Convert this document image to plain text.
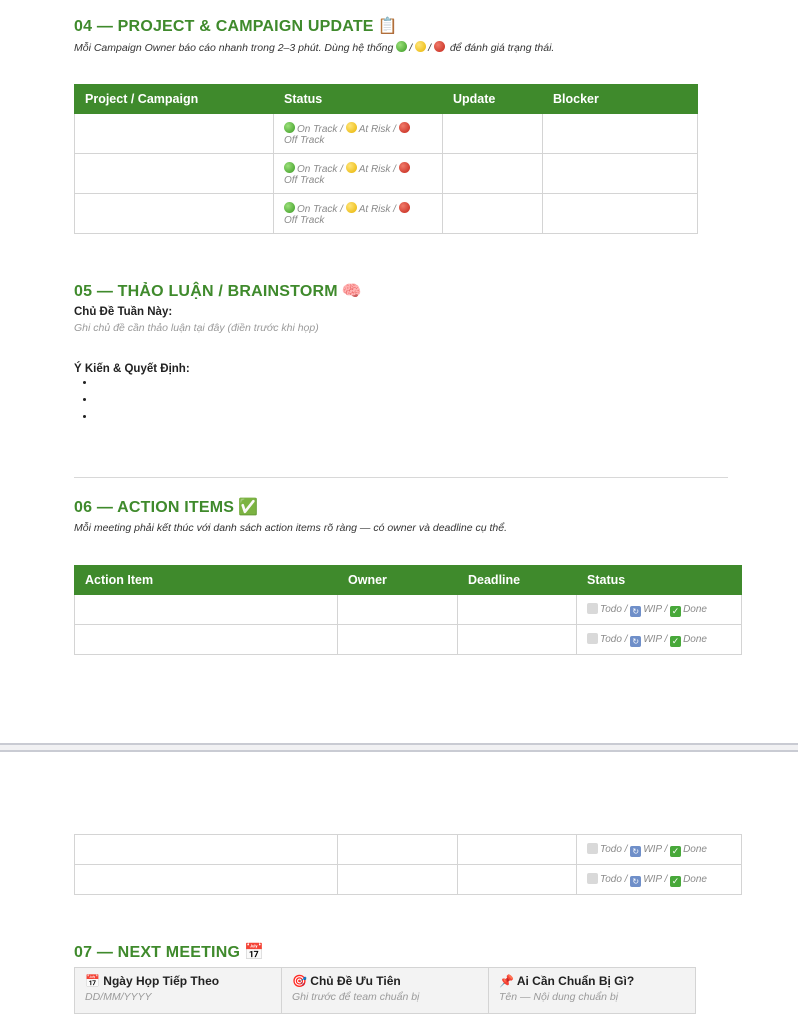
04 — PROJECT & CAMPAIGN UPDATE 📋
Mỗi Campaign Owner báo cáo nhanh trong 2–3 phút. Dùng hệ thống / /  để đánh giá trạng thái.
Project / Campaign	Status	Update	Blocker
	On Track / At Risk /
Off Track		
	On Track / At Risk /
Off Track		
	On Track / At Risk /
Off Track		
05 — THẢO LUẬN / BRAINSTORM 🧠
Chủ Đề Tuần Này:
Ghi chủ đề cần thảo luận tại đây (điền trước khi họp)
Ý Kiến & Quyết Định:
06 — ACTION ITEMS ✅
Mỗi meeting phải kết thúc với danh sách action items rõ ràng — có owner và deadline cụ thể.
Action Item	Owner	Deadline	Status
			Todo / ↻ WIP / ✓ Done
			Todo / ↻ WIP / ✓ Done
			Todo / ↻ WIP / ✓ Done
			Todo / ↻ WIP / ✓ Done
07 — NEXT MEETING 📅
📅 Ngày Họp Tiếp Theo
DD/MM/YYYY
🎯 Chủ Đề Ưu Tiên
Ghi trước để team chuẩn bị
📌 Ai Cần Chuẩn Bị Gì?
Tên — Nội dung chuẩn bị
